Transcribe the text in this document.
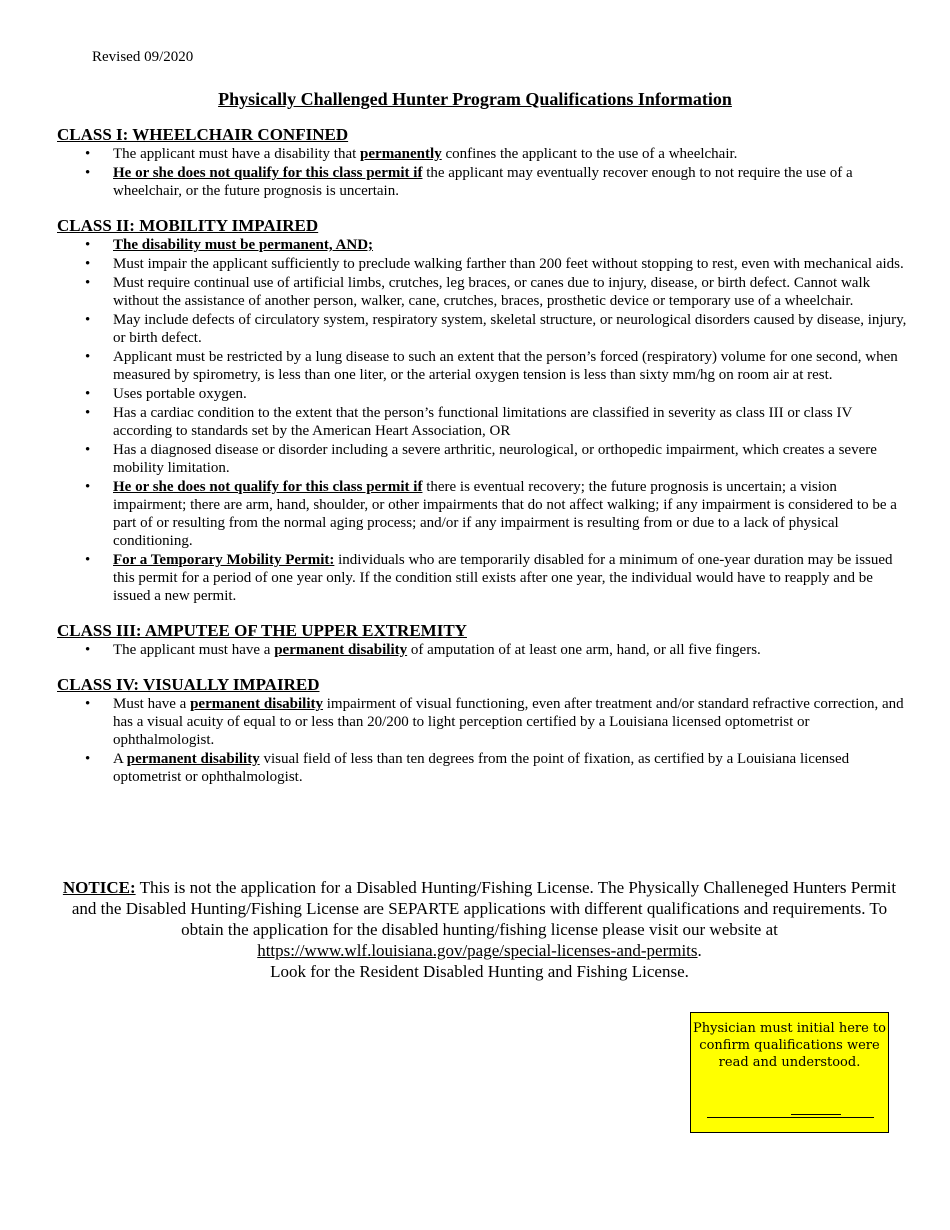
Revised 09/2020
Physically Challenged Hunter Program Qualifications Information
CLASS I: WHEELCHAIR CONFINED
• The applicant must have a disability that permanently confines the applicant to the use of a wheelchair.
• He or she does not qualify for this class permit if the applicant may eventually recover enough to not require the use of a wheelchair, or the future prognosis is uncertain.
CLASS II: MOBILITY IMPAIRED
• The disability must be permanent, AND;
• Must impair the applicant sufficiently to preclude walking farther than 200 feet without stopping to rest, even with mechanical aids.
• Must require continual use of artificial limbs, crutches, leg braces, or canes due to injury, disease, or birth defect. Cannot walk without the assistance of another person, walker, cane, crutches, braces, prosthetic device or temporary use of a wheelchair.
• May include defects of circulatory system, respiratory system, skeletal structure, or neurological disorders caused by disease, injury, or birth defect.
• Applicant must be restricted by a lung disease to such an extent that the person’s forced (respiratory) volume for one second, when measured by spirometry, is less than one liter, or the arterial oxygen tension is less than sixty mm/hg on room air at rest.
• Uses portable oxygen.
• Has a cardiac condition to the extent that the person’s functional limitations are classified in severity as class III or class IV according to standards set by the American Heart Association, OR
• Has a diagnosed disease or disorder including a severe arthritic, neurological, or orthopedic impairment, which creates a severe mobility limitation.
• He or she does not qualify for this class permit if there is eventual recovery; the future prognosis is uncertain; a vision impairment; there are arm, hand, shoulder, or other impairments that do not affect walking; if any impairment is considered to be a part of or resulting from the normal aging process; and/or if any impairment is resulting from or due to a lack of physical conditioning.
• For a Temporary Mobility Permit: individuals who are temporarily disabled for a minimum of one-year duration may be issued this permit for a period of one year only. If the condition still exists after one year, the individual would have to reapply and be issued a new permit.
CLASS III: AMPUTEE OF THE UPPER EXTREMITY
• The applicant must have a permanent disability of amputation of at least one arm, hand, or all five fingers.
CLASS IV: VISUALLY IMPAIRED
• Must have a permanent disability impairment of visual functioning, even after treatment and/or standard refractive correction, and has a visual acuity of equal to or less than 20/200 to light perception certified by a Louisiana licensed optometrist or ophthalmologist.
• A permanent disability visual field of less than ten degrees from the point of fixation, as certified by a Louisiana licensed optometrist or ophthalmologist.
NOTICE: This is not the application for a Disabled Hunting/Fishing License. The Physically Challeneged Hunters Permit and the Disabled Hunting/Fishing License are SEPARTE applications with different qualifications and requirements. To obtain the application for the disabled hunting/fishing license please visit our website at
https://www.wlf.louisiana.gov/page/special-licenses-and-permits.
Look for the Resident Disabled Hunting and Fishing License.
Physician must initial here to confirm qualifications were read and understood.
